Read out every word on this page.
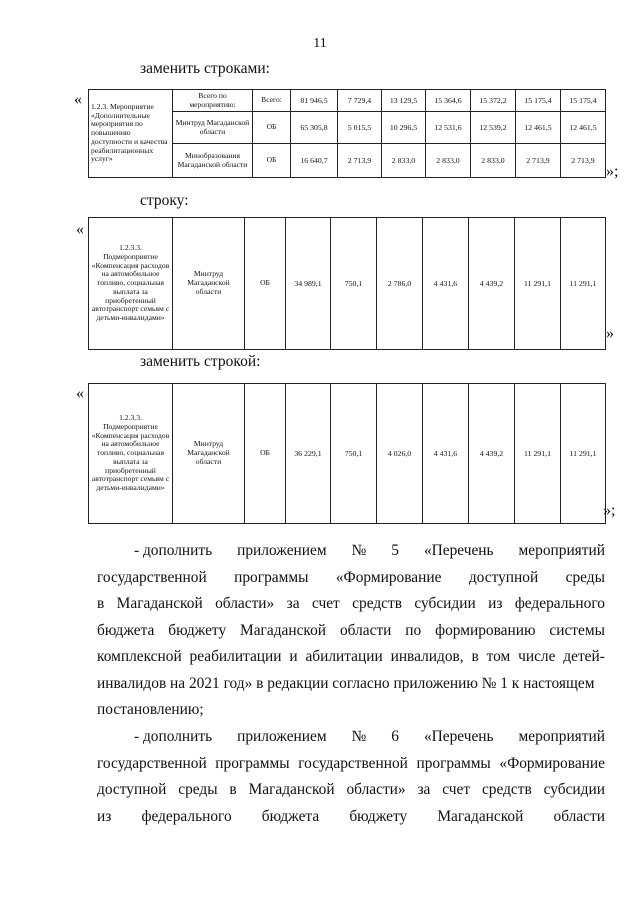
11
заменить строками:
« 1.2.3. Мероприятие «Дополнительные мероприятия по повышению доступности и качества реабилитационных услуг»	Всего по мероприятию:	Всего:	81 946,5	7 729,4	13 129,5	15 364,6	15 372,2	15 175,4	15 175,4
	Минтруд Магаданской области	ОБ	65 305,8	5 015,5	10 296,5	12 531,6	12 539,2	12 461,5	12 461,5
	Минобразования Магаданской области	ОБ	16 640,7	2 713,9	2 833,0	2 833,0	2 833,0	2 713,9	2 713,9
»;
строку:
«
1.2.3.3. Подмероприятие «Компенсация расходов на автомобильное топливо, социальная выплата за приобретенный автотранспорт семьям с детьми-инвалидами»	Минтруд Магаданской области	ОБ	34 989,1	750,1	2 786,0	4 431,6	4 439,2	11 291,1	11 291,1
»
заменить строкой:
«
1.2.3.3. Подмероприятие «Компенсация расходов на автомобильное топливо, социальная выплата за приобретенный автотранспорт семьям с детьми-инвалидами»	Минтруд Магаданской области	ОБ	36 229,1	750,1	4 026,0	4 431,6	4 439,2	11 291,1	11 291,1
»;
- дополнить приложением № 5 «Перечень мероприятий
государственной программы «Формирование доступной среды
в Магаданской области» за счет средств субсидии из федерального
бюджета бюджету Магаданской области по формированию системы
комплексной реабилитации и абилитации инвалидов, в том числе детей-
инвалидов на 2021 год» в редакции согласно приложению № 1 к настоящем
постановлению;
- дополнить приложением № 6 «Перечень мероприятий
государственной программы государственной программы «Формирование
доступной среды в Магаданской области» за счет средств субсидии
из федерального бюджета бюджету Магаданской области
